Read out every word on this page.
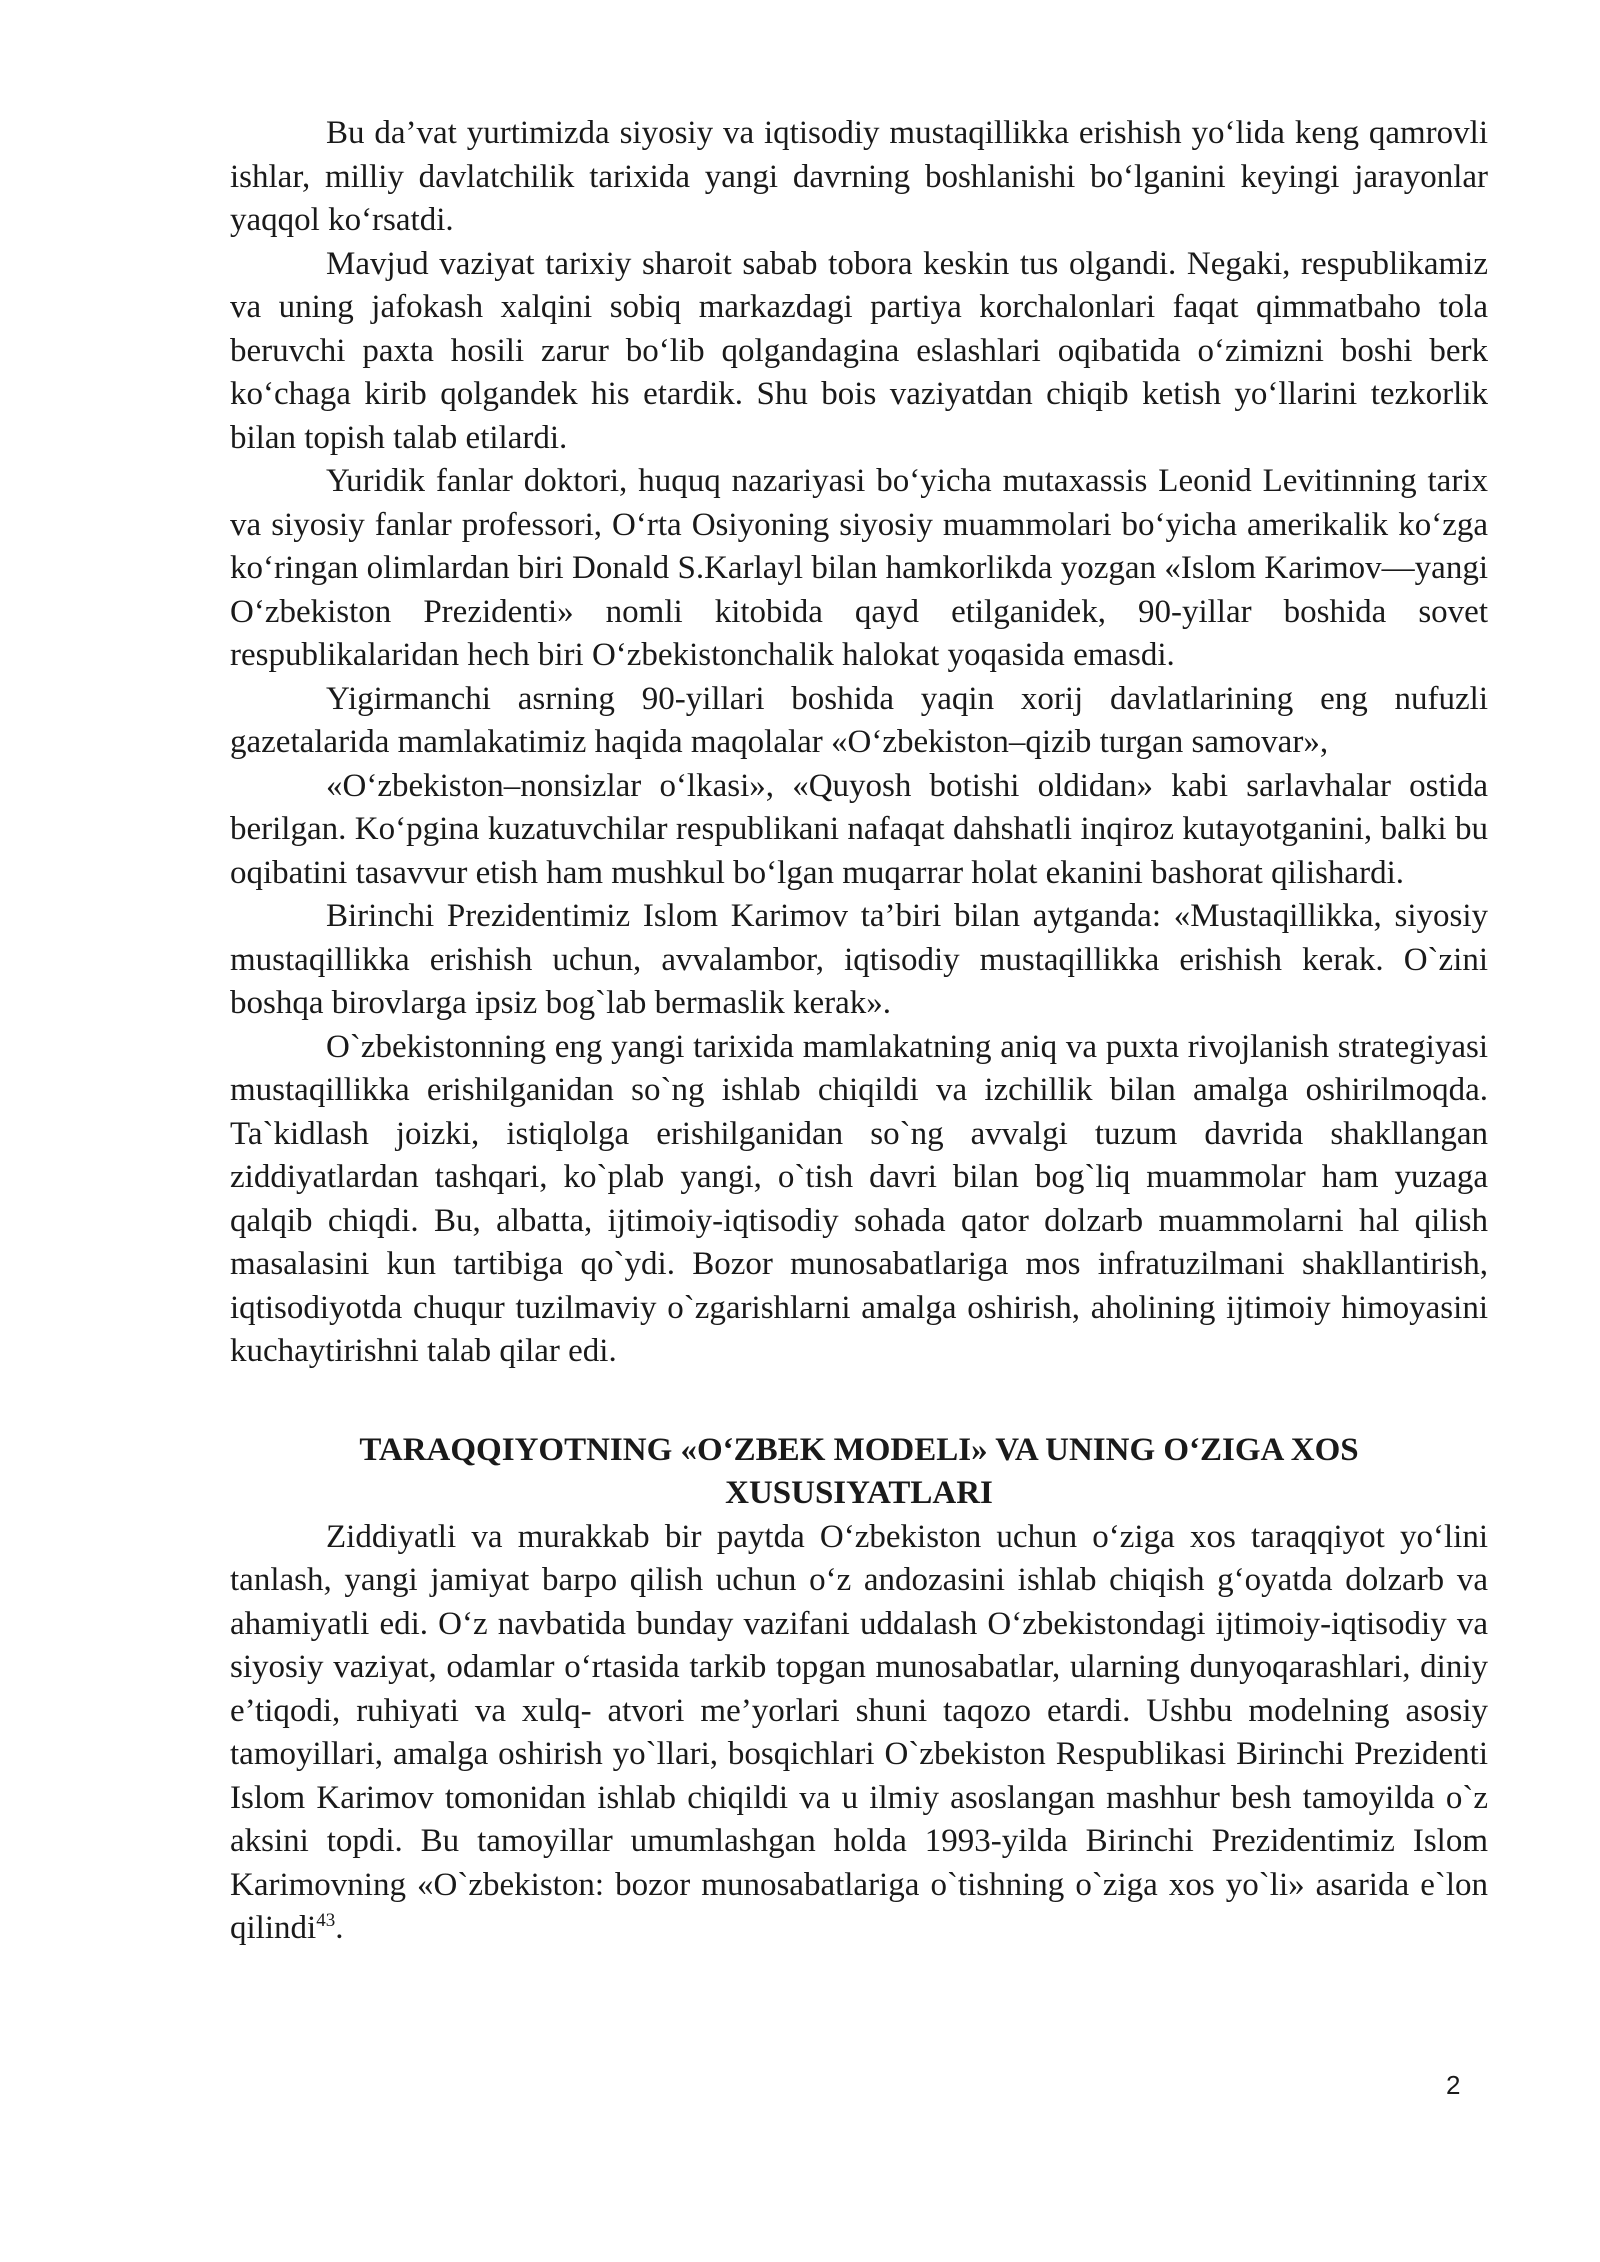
Bu da’vat yurtimizda siyosiy va iqtisodiy mustaqillikka erishish yo‘lida keng qamrovli ishlar, milliy davlatchilik tarixida yangi davrning boshlanishi bo‘lganini keyingi jarayonlar yaqqol ko‘rsatdi.

Mavjud vaziyat tarixiy sharoit sabab tobora keskin tus olgandi. Negaki, respublikamiz va uning jafokash xalqini sobiq markazdagi partiya korchalonlari faqat qimmatbaho tola beruvchi paxta hosili zarur bo‘lib qolgandagina eslashlari oqibatida o‘zimizni boshi berk ko‘chaga kirib qolgandek his etardik. Shu bois vaziyatdan chiqib ketish yo‘llarini tezkorlik bilan topish talab etilardi.

Yuridik fanlar doktori, huquq nazariyasi bo‘yicha mutaxassis Leonid Levitinning tarix va siyosiy fanlar professori, O‘rta Osiyoning siyosiy muammolari bo‘yicha amerikalik ko‘zga ko‘ringan olimlardan biri Donald S.Karlayl bilan hamkorlikda yozgan «Islom Karimov—yangi O‘zbekiston Prezidenti» nomli kitobida qayd etilganidek, 90-yillar boshida sovet respublikalaridan hech biri O‘zbekistonchalik halokat yoqasida emasdi.

Yigirmanchi asrning 90-yillari boshida yaqin xorij davlatlarining eng nufuzli gazetalarida mamlakatimiz haqida maqolalar «O‘zbekiston–qizib turgan samovar»,

«O‘zbekiston–nonsizlar o‘lkasi», «Quyosh botishi oldidan» kabi sarlavhalar ostida berilgan. Ko‘pgina kuzatuvchilar respublikani nafaqat dahshatli inqiroz kutayotganini, balki bu oqibatini tasavvur etish ham mushkul bo‘lgan muqarrar holat ekanini bashorat qilishardi.

Birinchi Prezidentimiz Islom Karimov ta’biri bilan aytganda: «Mustaqillikka, siyosiy mustaqillikka erishish uchun, avvalambor, iqtisodiy mustaqillikka erishish kerak. O`zini boshqa birovlarga ipsiz bog`lab bermaslik kerak».

O`zbekistonning eng yangi tarixida mamlakatning aniq va puxta rivojlanish strategiyasi mustaqillikka erishilganidan so`ng ishlab chiqildi va izchillik bilan amalga oshirilmoqda. Ta`kidlash joizki, istiqlolga erishilganidan so`ng avvalgi tuzum davrida shakllangan ziddiyatlardan tashqari, ko`plab yangi, o`tish davri bilan bog`liq muammolar ham yuzaga qalqib chiqdi. Bu, albatta, ijtimoiy-iqtisodiy sohada qator dolzarb muammolarni hal qilish masalasini kun tartibiga qo`ydi. Bozor munosabatlariga mos infratuzilmani shakllantirish, iqtisodiyotda chuqur tuzilmaviy o`zgarishlarni amalga oshirish, aholining ijtimoiy himoyasini kuchaytirishni talab qilar edi.

TARAQQIYOTNING «O‘ZBEK MODELI» VA UNING O‘ZIGA XOS XUSUSIYATLARI

Ziddiyatli va murakkab bir paytda Oʻzbekiston uchun oʻziga xos taraqqiyot yoʻlini tanlash, yangi jamiyat barpo qilish uchun oʻz andozasini ishlab chiqish gʻoyatda dolzarb va ahamiyatli edi. Oʻz navbatida bunday vazifani uddalash Oʻzbekistondagi ijtimoiy-iqtisodiy va siyosiy vaziyat, odamlar oʻrtasida tarkib topgan munosabatlar, ularning dunyoqarashlari, diniy e’tiqodi, ruhiyati va xulq- atvori me’yorlari shuni taqozo etardi. Ushbu modelning asosiy tamoyillari, amalga oshirish yo`llari, bosqichlari O`zbekiston Respublikasi Birinchi Prezidenti Islom Karimov tomonidan ishlab chiqildi va u ilmiy asoslangan mashhur besh tamoyilda o`z aksini topdi. Bu tamoyillar umumlashgan holda 1993-yilda Birinchi Prezidentimiz Islom Karimovning «O`zbekiston: bozor munosabatlariga o`tishning o`ziga xos yo`li» asarida e`lon qilindi$^{43}$.

2
